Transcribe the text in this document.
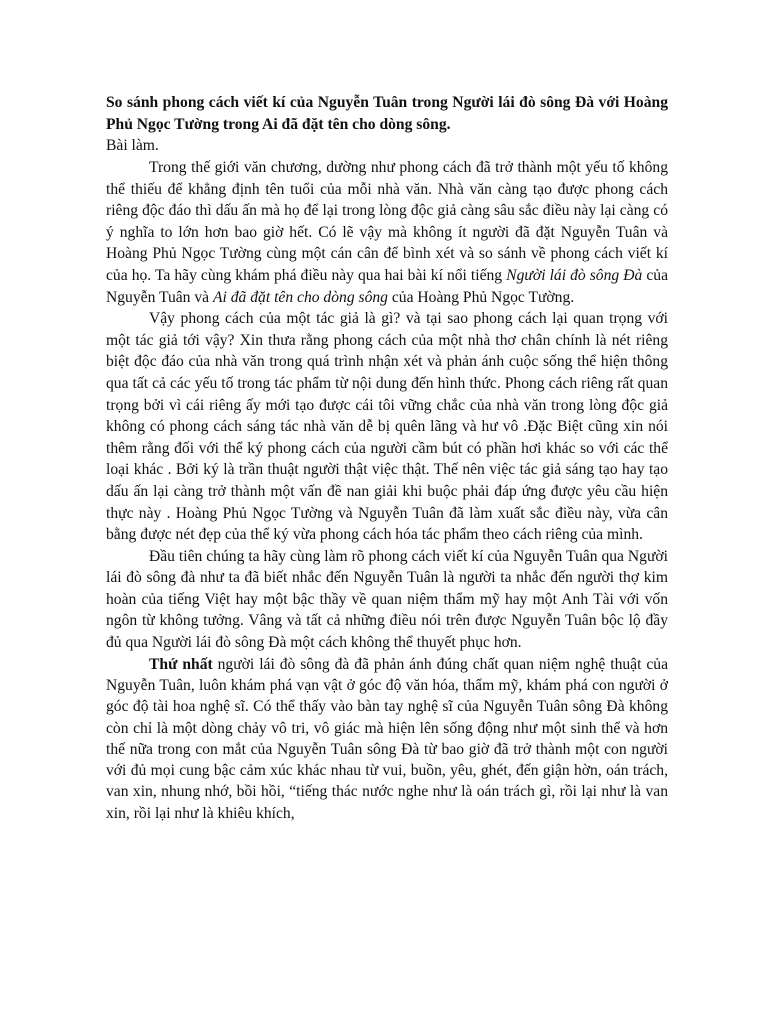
So sánh phong cách viết kí của Nguyễn Tuân trong Người lái đò sông Đà với Hoàng Phủ Ngọc Tường trong Ai đã đặt tên cho dòng sông.

Bài làm.

Trong thế giới văn chương, dường như phong cách đã trở thành một yếu tố không thể thiếu để khẳng định tên tuổi của mỗi nhà văn. Nhà văn càng tạo được phong cách riêng độc đáo thì dấu ấn mà họ để lại trong lòng độc giả càng sâu sắc điều này lại càng có ý nghĩa to lớn hơn bao giờ hết. Có lẽ vậy mà không ít người đã đặt Nguyễn Tuân và Hoàng Phủ Ngọc Tường cùng một cán cân để bình xét và so sánh về phong cách viết kí của họ. Ta hãy cùng khám phá điều này qua hai bài kí nổi tiếng Người lái đò sông Đà của Nguyễn Tuân và Ai đã đặt tên cho dòng sông của Hoàng Phủ Ngọc Tường.

Vậy phong cách của một tác giả là gì? và tại sao phong cách lại quan trọng với một tác giả tới vậy? Xin thưa rằng phong cách của một nhà thơ chân chính là nét riêng biệt độc đáo của nhà văn trong quá trình nhận xét và phản ánh cuộc sống thể hiện thông qua tất cả các yếu tố trong tác phẩm từ nội dung đến hình thức. Phong cách riêng rất quan trọng bởi vì cái riêng ấy mới tạo được cái tôi vững chắc của nhà văn trong lòng độc giả không có phong cách sáng tác nhà văn dễ bị quên lãng và hư vô .Đặc Biệt cũng xin nói thêm rằng đối với thể ký phong cách của người cầm bút có phần hơi khác so với các thể loại khác . Bởi ký là trần thuật người thật việc thật. Thế nên việc tác giả sáng tạo hay tạo dấu ấn lại càng trở thành một vấn đề nan giải khi buộc phải đáp ứng được yêu cầu hiện thực này . Hoàng Phủ Ngọc Tường và Nguyễn Tuân đã làm xuất sắc điều này, vừa cân bằng được nét đẹp của thể ký vừa phong cách hóa tác phẩm theo cách riêng của mình.

Đầu tiên chúng ta hãy cùng làm rõ phong cách viết kí của Nguyễn Tuân qua Người lái đò sông đà như ta đã biết nhắc đến Nguyễn Tuân là người ta nhắc đến người thợ kim hoàn của tiếng Việt hay một bậc thầy về quan niệm thẩm mỹ hay một Anh Tài với vốn ngôn từ không tưởng. Vâng và tất cả những điều nói trên được Nguyễn Tuân bộc lộ đầy đủ qua Người lái đò sông Đà một cách không thể thuyết phục hơn.

Thứ nhất người lái đò sông đà đã phản ánh đúng chất quan niệm nghệ thuật của Nguyễn Tuân, luôn khám phá vạn vật ở góc độ văn hóa, thẩm mỹ, khám phá con người ở góc độ tài hoa nghệ sĩ. Có thể thấy vào bàn tay nghệ sĩ của Nguyễn Tuân sông Đà không còn chỉ là một dòng chảy vô tri, vô giác mà hiện lên sống động như một sinh thể và hơn thế nữa trong con mắt của Nguyễn Tuân sông Đà từ bao giờ đã trở thành một con người với đủ mọi cung bậc cảm xúc khác nhau từ vui, buồn, yêu, ghét, đến giận hờn, oán trách, van xin, nhung nhớ, bồi hồi, “tiếng thác nước nghe như là oán trách gì, rồi lại như là van xin, rồi lại như là khiêu khích,
